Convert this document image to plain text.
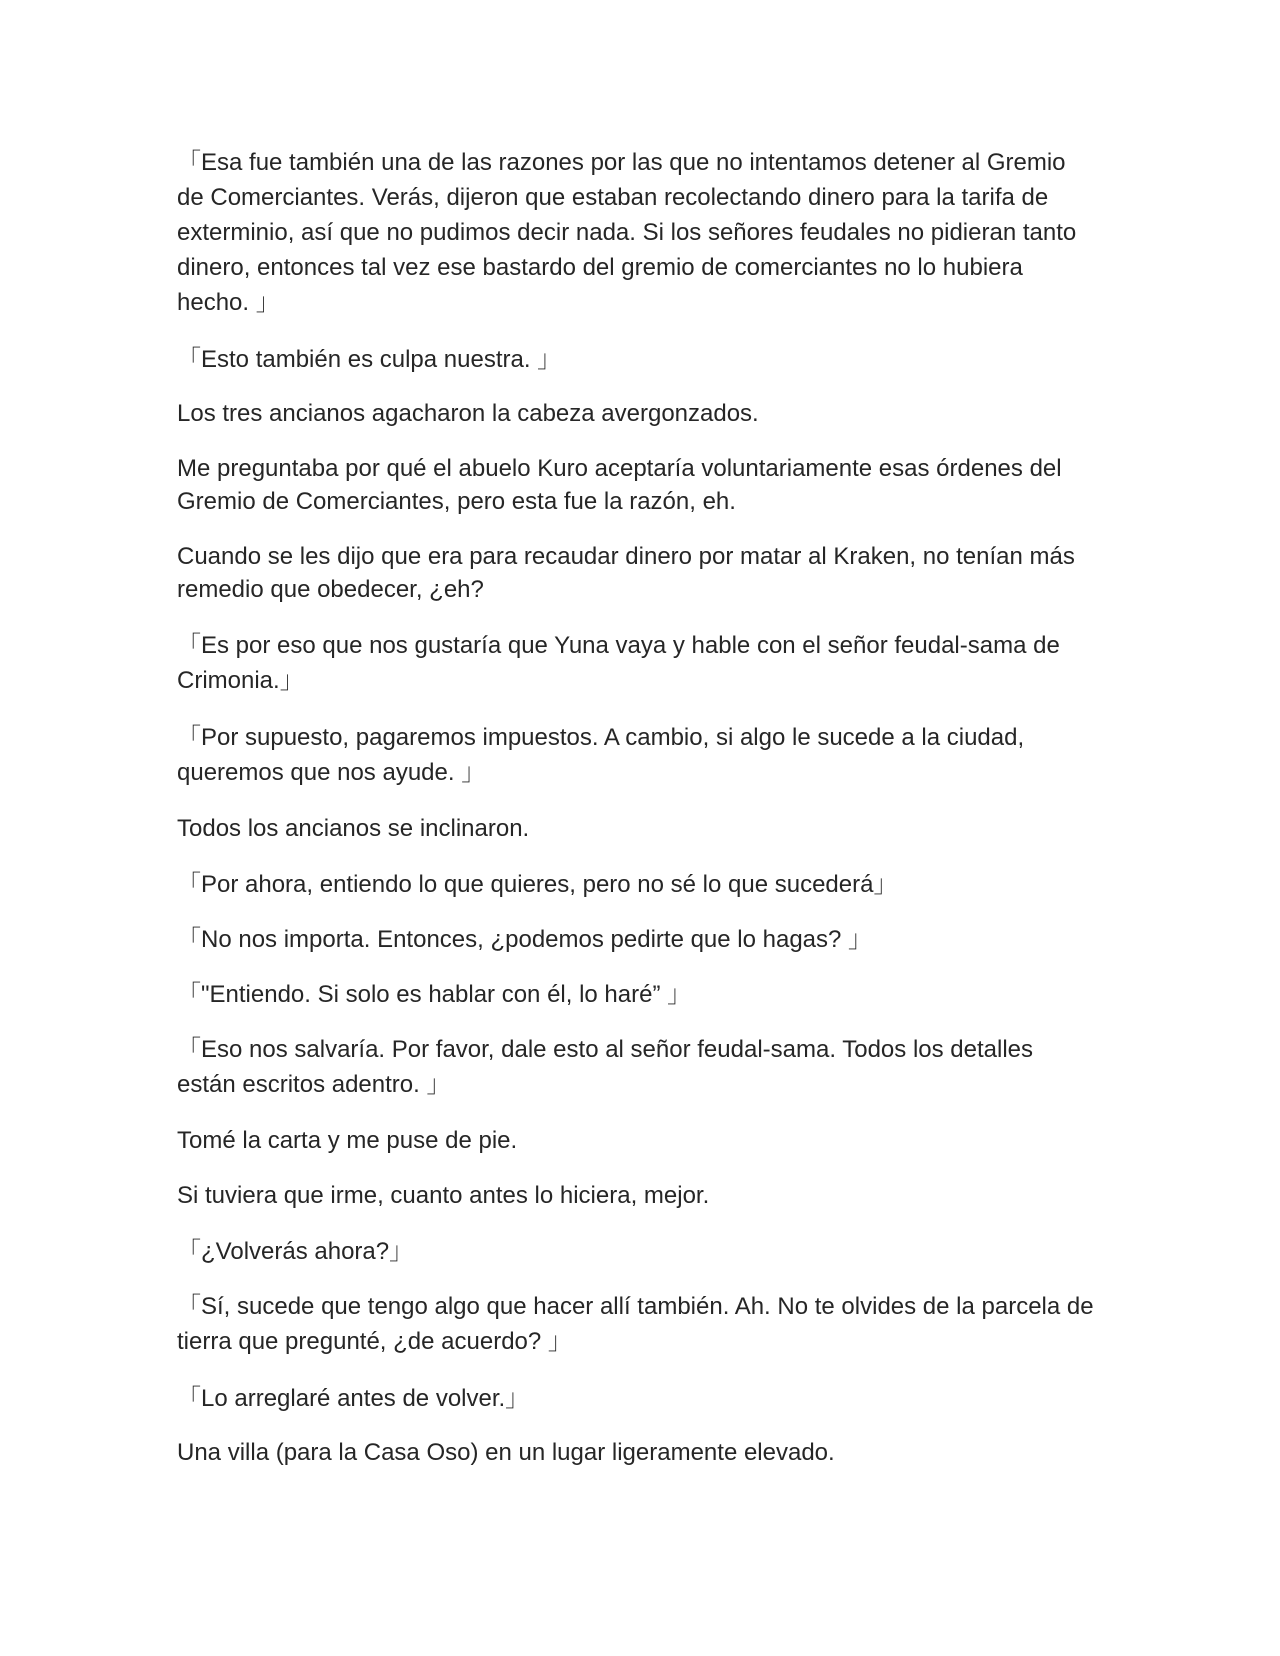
「Esa fue también una de las razones por las que no intentamos detener al Gremio de Comerciantes. Verás, dijeron que estaban recolectando dinero para la tarifa de exterminio, así que no pudimos decir nada. Si los señores feudales no pidieran tanto dinero, entonces tal vez ese bastardo del gremio de comerciantes no lo hubiera hecho. 」

「Esto también es culpa nuestra. 」

Los tres ancianos agacharon la cabeza avergonzados.

Me preguntaba por qué el abuelo Kuro aceptaría voluntariamente esas órdenes del Gremio de Comerciantes, pero esta fue la razón, eh.

Cuando se les dijo que era para recaudar dinero por matar al Kraken, no tenían más remedio que obedecer, ¿eh?

「Es por eso que nos gustaría que Yuna vaya y hable con el señor feudal-sama de Crimonia.」

「Por supuesto, pagaremos impuestos. A cambio, si algo le sucede a la ciudad, queremos que nos ayude. 」

Todos los ancianos se inclinaron.

「Por ahora, entiendo lo que quieres, pero no sé lo que sucederá」

「No nos importa. Entonces, ¿podemos pedirte que lo hagas? 」

「"Entiendo. Si solo es hablar con él, lo haré” 」

「Eso nos salvaría. Por favor, dale esto al señor feudal-sama. Todos los detalles están escritos adentro. 」

Tomé la carta y me puse de pie.

Si tuviera que irme, cuanto antes lo hiciera, mejor.

「¿Volverás ahora?」

「Sí, sucede que tengo algo que hacer allí también. Ah. No te olvides de la parcela de tierra que pregunté, ¿de acuerdo? 」

「Lo arreglaré antes de volver.」

Una villa (para la Casa Oso) en un lugar ligeramente elevado.
